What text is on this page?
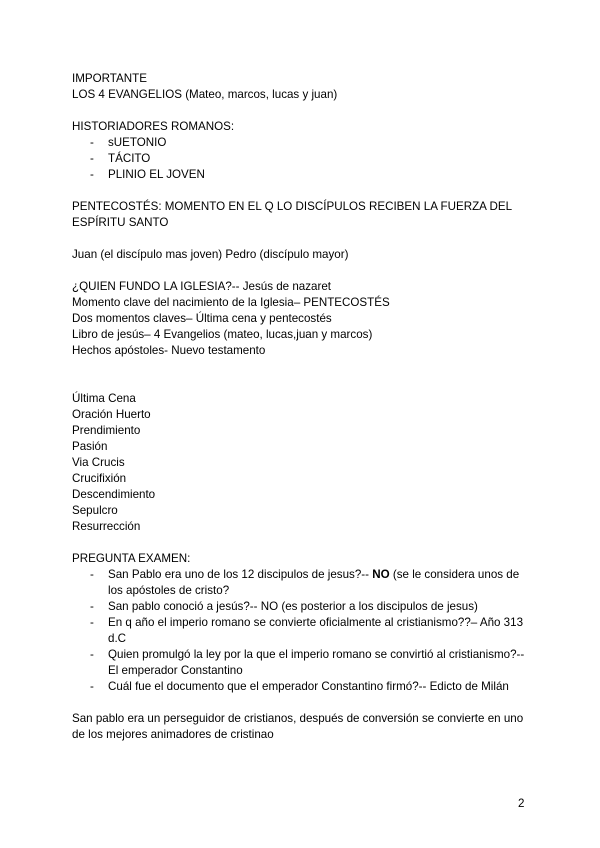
IMPORTANTE
LOS 4 EVANGELIOS (Mateo, marcos, lucas y juan)
HISTORIADORES ROMANOS:
- sUETONIO
- TÁCITO
- PLINIO EL JOVEN
PENTECOSTÉS: MOMENTO EN EL Q LO DISCÍPULOS RECIBEN LA FUERZA DEL ESPÍRITU SANTO
Juan (el discípulo mas joven) Pedro (discípulo mayor)
¿QUIEN FUNDO LA IGLESIA?-- Jesús de nazaret
Momento clave del nacimiento de la Iglesia– PENTECOSTÉS
Dos momentos claves– Última cena y pentecostés
Libro de jesús– 4 Evangelios (mateo, lucas,juan y marcos)
Hechos apóstoles- Nuevo testamento
Última Cena
Oración Huerto
Prendimiento
Pasión
Via Crucis
Crucifixión
Descendimiento
Sepulcro
Resurrección
PREGUNTA EXAMEN:
- San Pablo era uno de los 12 discipulos de jesus?-- NO (se le considera unos de los apóstoles de cristo?
- San pablo conoció a jesús?-- NO (es posterior a los discipulos de jesus)
- En q año el imperio romano se convierte oficialmente al cristianismo??– Año 313 d.C
- Quien promulgó la ley por la que el imperio romano se convirtió al cristianismo?-- El emperador Constantino
- Cuál fue el documento que el emperador Constantino firmó?-- Edicto de Milán
San pablo era un perseguidor de cristianos, después de conversión se convierte en uno de los mejores animadores de cristinao
2
